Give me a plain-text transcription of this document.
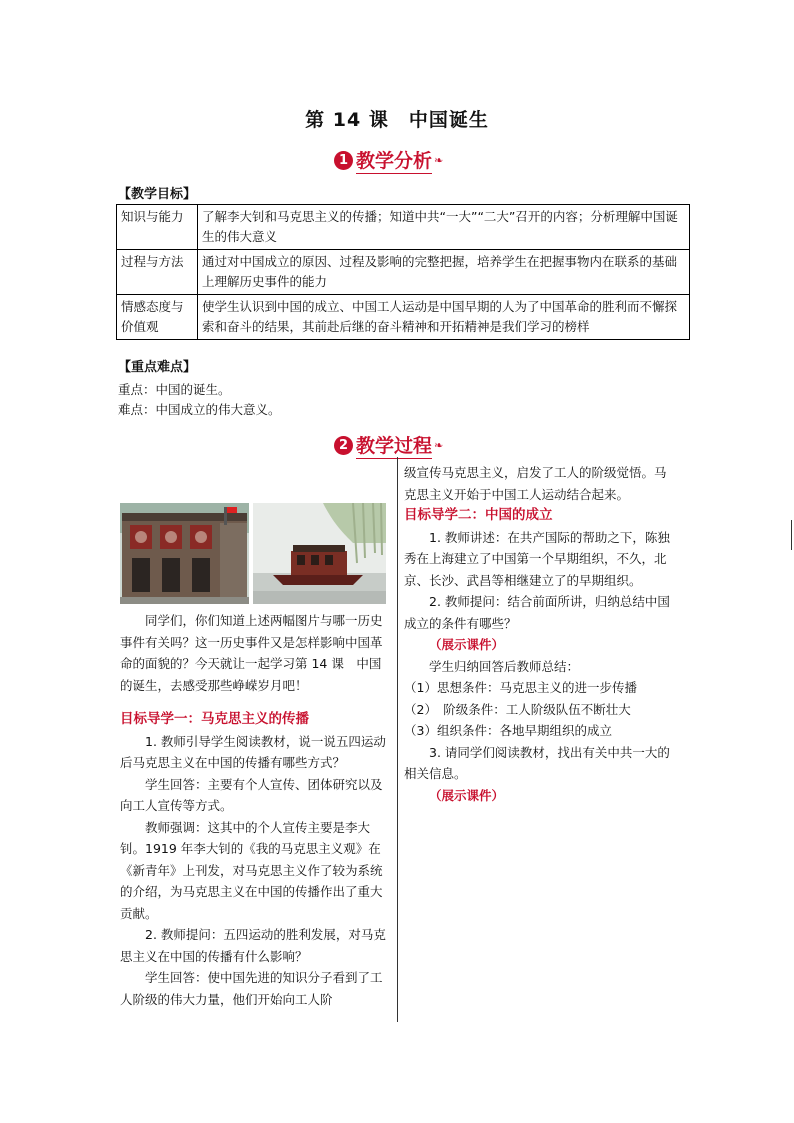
第 14 课　中国诞生
1 教学分析 ❧
【教学目标】
知识与能力	了解李大钊和马克思主义的传播；知道中共“一大”“二大”召开的内容；分析理解中国诞生的伟大意义
过程与方法	通过对中国成立的原因、过程及影响的完整把握，培养学生在把握事物内在联系的基础上理解历史事件的能力
情感态度与价值观	使学生认识到中国的成立、中国工人运动是中国早期的人为了中国革命的胜利而不懈探索和奋斗的结果，其前赴后继的奋斗精神和开拓精神是我们学习的榜样
【重点难点】
重点：中国的诞生。
难点：中国成立的伟大意义。
2 教学过程 ❧

同学们，你们知道上述两幅图片与哪一历史事件有关吗？这一历史事件又是怎样影响中国革命的面貌的？今天就让一起学习第 14 课　中国的诞生，去感受那些峥嵘岁月吧！

目标导学一：马克思主义的传播

1. 教师引导学生阅读教材，说一说五四运动后马克思主义在中国的传播有哪些方式？

学生回答：主要有个人宣传、团体研究以及向工人宣传等方式。

教师强调：这其中的个人宣传主要是李大钊。1919 年李大钊的《我的马克思主义观》在《新青年》上刊发，对马克思主义作了较为系统的介绍，为马克思主义在中国的传播作出了重大贡献。

2. 教师提问：五四运动的胜利发展，对马克思主义在中国的传播有什么影响？

学生回答：使中国先进的知识分子看到了工人阶级的伟大力量，他们开始向工人阶

级宣传马克思主义，启发了工人的阶级觉悟。马克思主义开始于中国工人运动结合起来。

目标导学二：中国的成立

1. 教师讲述：在共产国际的帮助之下，陈独秀在上海建立了中国第一个早期组织，不久，北京、长沙、武昌等相继建立了的早期组织。

2. 教师提问：结合前面所讲，归纳总结中国成立的条件有哪些？

（展示课件）

学生归纳回答后教师总结：

（1）思想条件：马克思主义的进一步传播

（2）　阶级条件：工人阶级队伍不断壮大

（3）组织条件：各地早期组织的成立

3. 请同学们阅读教材，找出有关中共一大的相关信息。

（展示课件）
